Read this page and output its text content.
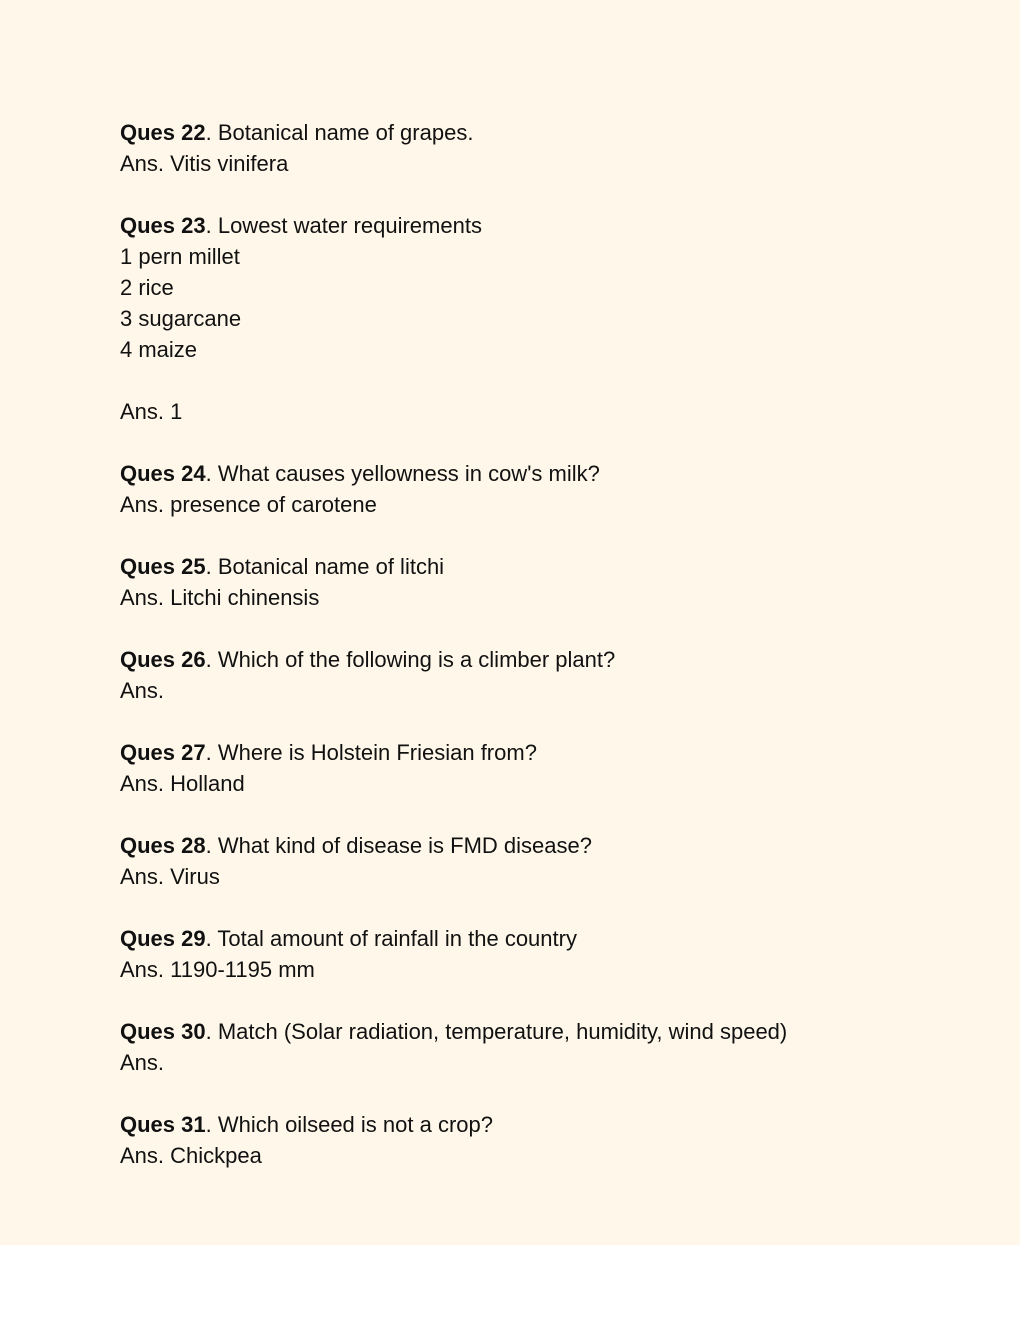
Ques 22. Botanical name of grapes.
Ans. Vitis vinifera
Ques 23. Lowest water requirements
1 pern millet
2 rice
3 sugarcane
4 maize
Ans. 1
Ques 24. What causes yellowness in cow's milk?
Ans. presence of carotene
Ques 25. Botanical name of litchi
Ans. Litchi chinensis
Ques 26. Which of the following is a climber plant?
Ans.
Ques 27. Where is Holstein Friesian from?
Ans. Holland
Ques 28. What kind of disease is FMD disease?
Ans. Virus
Ques 29. Total amount of rainfall in the country
Ans. 1190-1195 mm
Ques 30. Match (Solar radiation, temperature, humidity, wind speed)
Ans.
Ques 31. Which oilseed is not a crop?
Ans. Chickpea
